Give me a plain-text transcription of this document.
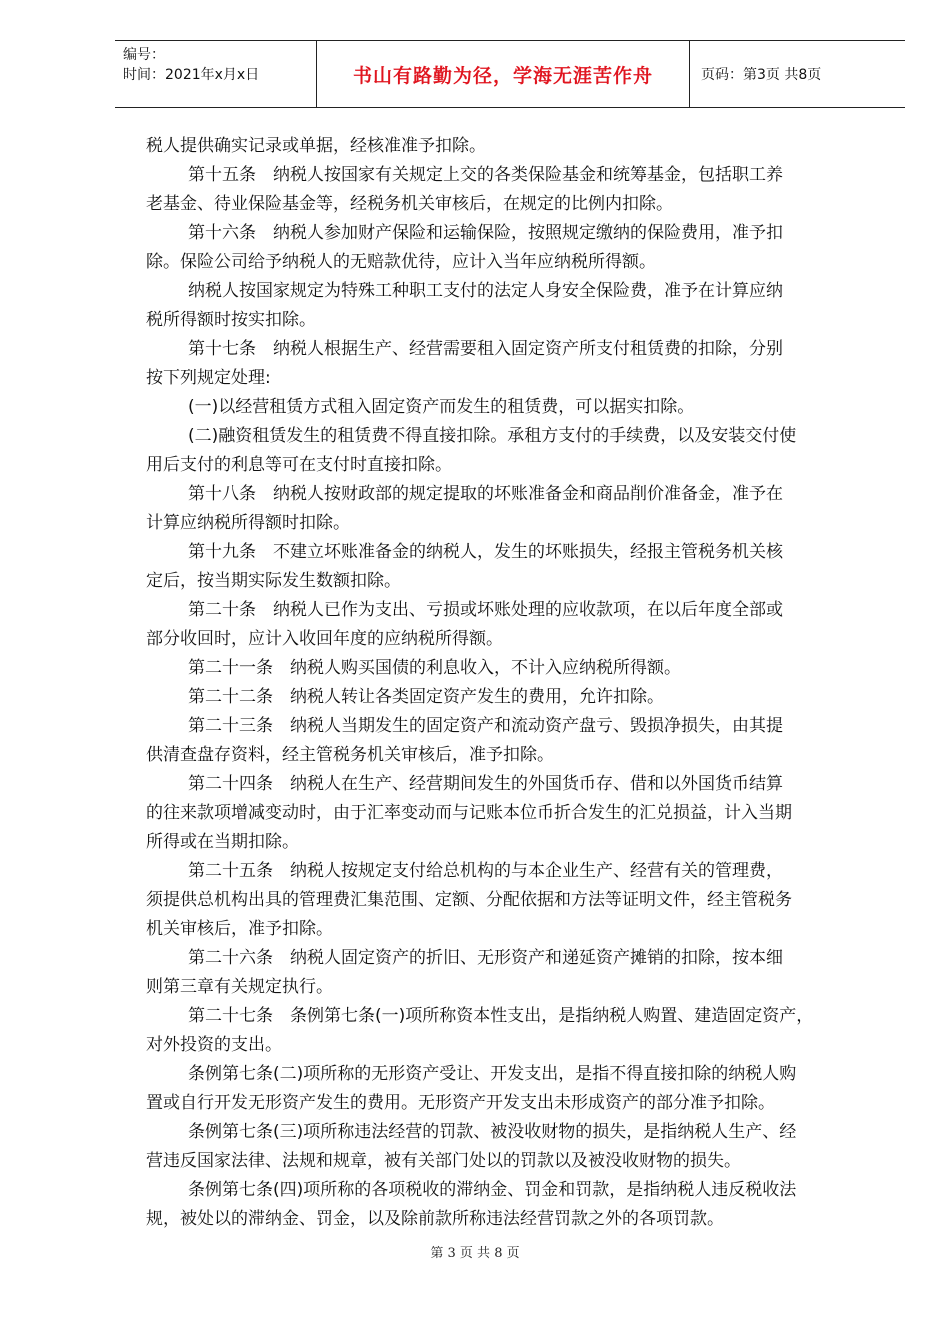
编号：
时间：2021年x月x日	书山有路勤为径，学海无涯苦作舟	页码：第3页 共8页

税人提供确实记录或单据，经核准准予扣除。

第十五条　纳税人按国家有关规定上交的各类保险基金和统筹基金，包括职工养

老基金、待业保险基金等，经税务机关审核后，在规定的比例内扣除。

第十六条　纳税人参加财产保险和运输保险，按照规定缴纳的保险费用，准予扣

除。保险公司给予纳税人的无赔款优待，应计入当年应纳税所得额。

纳税人按国家规定为特殊工种职工支付的法定人身安全保险费，准予在计算应纳

税所得额时按实扣除。

第十七条　纳税人根据生产、经营需要租入固定资产所支付租赁费的扣除，分别

按下列规定处理:

(一)以经营租赁方式租入固定资产而发生的租赁费，可以据实扣除。

(二)融资租赁发生的租赁费不得直接扣除。承租方支付的手续费，以及安装交付使

用后支付的利息等可在支付时直接扣除。

第十八条　纳税人按财政部的规定提取的坏账准备金和商品削价准备金，准予在

计算应纳税所得额时扣除。

第十九条　不建立坏账准备金的纳税人，发生的坏账损失，经报主管税务机关核

定后，按当期实际发生数额扣除。

第二十条　纳税人已作为支出、亏损或坏账处理的应收款项，在以后年度全部或

部分收回时，应计入收回年度的应纳税所得额。

第二十一条　纳税人购买国债的利息收入，不计入应纳税所得额。

第二十二条　纳税人转让各类固定资产发生的费用，允许扣除。

第二十三条　纳税人当期发生的固定资产和流动资产盘亏、毁损净损失，由其提

供清查盘存资料，经主管税务机关审核后，准予扣除。

第二十四条　纳税人在生产、经营期间发生的外国货币存、借和以外国货币结算

的往来款项增减变动时，由于汇率变动而与记账本位币折合发生的汇兑损益，计入当期

所得或在当期扣除。

第二十五条　纳税人按规定支付给总机构的与本企业生产、经营有关的管理费，

须提供总机构出具的管理费汇集范围、定额、分配依据和方法等证明文件，经主管税务

机关审核后，准予扣除。

第二十六条　纳税人固定资产的折旧、无形资产和递延资产摊销的扣除，按本细

则第三章有关规定执行。

第二十七条　条例第七条(一)项所称资本性支出，是指纳税人购置、建造固定资产，

对外投资的支出。

条例第七条(二)项所称的无形资产受让、开发支出，是指不得直接扣除的纳税人购

置或自行开发无形资产发生的费用。无形资产开发支出未形成资产的部分准予扣除。

条例第七条(三)项所称违法经营的罚款、被没收财物的损失，是指纳税人生产、经

营违反国家法律、法规和规章，被有关部门处以的罚款以及被没收财物的损失。

条例第七条(四)项所称的各项税收的滞纳金、罚金和罚款，是指纳税人违反税收法

规，被处以的滞纳金、罚金，以及除前款所称违法经营罚款之外的各项罚款。

第 3 页 共 8 页
